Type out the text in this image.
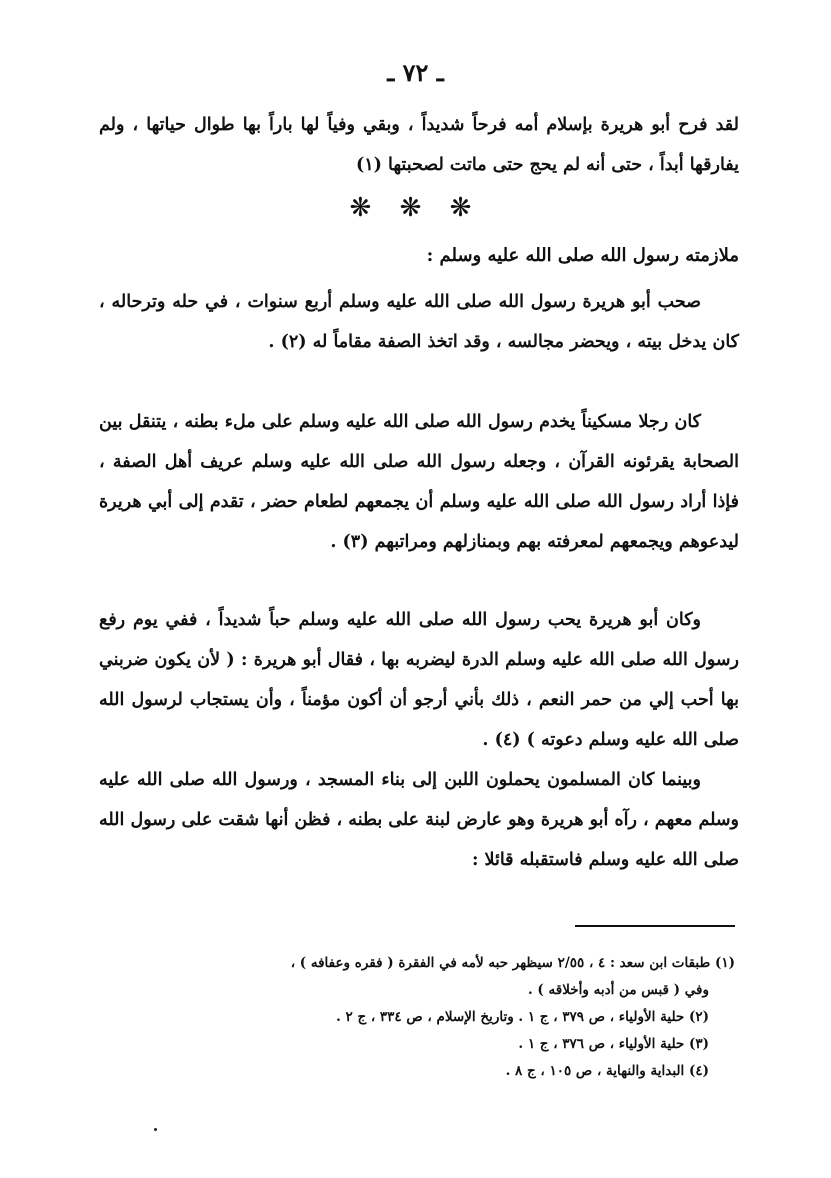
ـ ٧٢ ـ

لقد فرح أبو هريرة بإسلام أمه فرحاً شديداً ، وبقي وفياً لها باراً بها طوال حياتها ، ولم يفارقها أبداً ، حتى أنه لم يحج حتى ماتت لصحبتها (١)

❋ ❋ ❋
ملازمته رسول الله صلى الله عليه وسلم :

صحب أبو هريرة رسول الله صلى الله عليه وسلم أربع سنوات ، في حله وترحاله ، كان يدخل بيته ، ويحضر مجالسه ، وقد اتخذ الصفة مقاماً له (٢) .

كان رجلا مسكيناً يخدم رسول الله صلى الله عليه وسلم على ملء بطنه ، يتنقل بين الصحابة يقرئونه القرآن ، وجعله رسول الله صلى الله عليه وسلم عريف أهل الصفة ، فإذا أراد رسول الله صلى الله عليه وسلم أن يجمعهم لطعام حضر ، تقدم إلى أبي هريرة ليدعوهم ويجمعهم لمعرفته بهم وبمنازلهم ومراتبهم (٣) .

وكان أبو هريرة يحب رسول الله صلى الله عليه وسلم حباً شديداً ، ففي يوم رفع رسول الله صلى الله عليه وسلم الدرة ليضربه بها ، فقال أبو هريرة : ( لأن يكون ضربني بها أحب إلي من حمر النعم ، ذلك بأني أرجو أن أكون مؤمناً ، وأن يستجاب لرسول الله صلى الله عليه وسلم دعوته ) (٤) .

وبينما كان المسلمون يحملون اللبن إلى بناء المسجد ، ورسول الله صلى الله عليه وسلم معهم ، رآه أبو هريرة وهو عارض لبنة على بطنه ، فظن أنها شقت على رسول الله صلى الله عليه وسلم فاستقبله قائلا :

(١) طبقات ابن سعد : ٤ ، ٢/٥٥ سيظهر حبه لأمه في الفقرة ( فقره وعفافه ) ،
وفي ( قبس من أدبه وأخلاقه ) .
(٢) حلية الأولياء ، ص ٣٧٩ ، ج ١ . وتاريخ الإسلام ، ص ٣٣٤ ، ج ٢ .
(٣) حلية الأولياء ، ص ٣٧٦ ، ج ١ .
(٤) البداية والنهاية ، ص ١٠٥ ، ج ٨ .
